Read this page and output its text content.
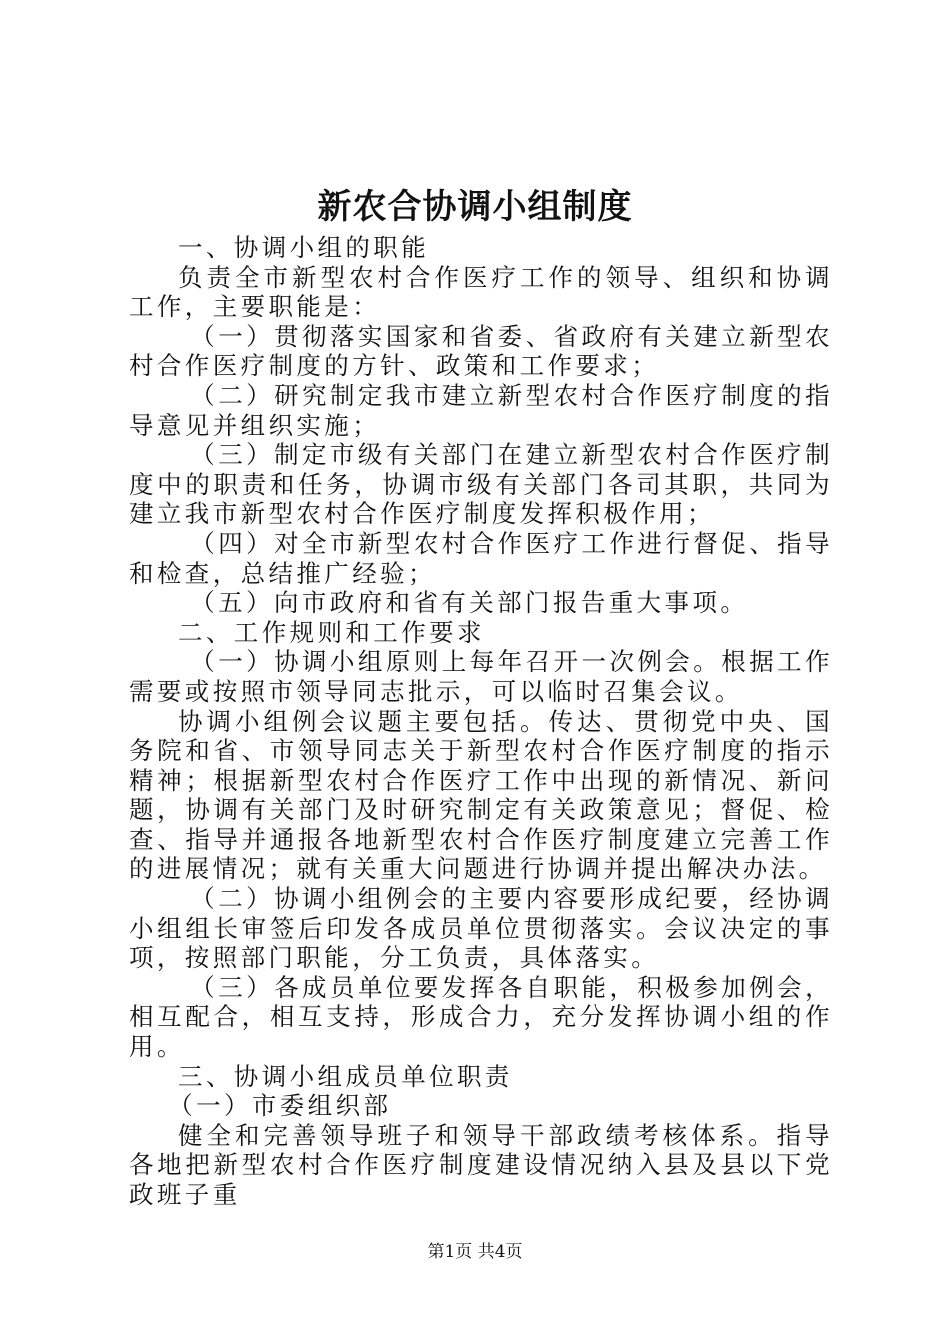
新农合协调小组制度

一、协调小组的职能

负责全市新型农村合作医疗工作的领导、组织和协调工作，主要职能是：

（一）贯彻落实国家和省委、省政府有关建立新型农村合作医疗制度的方针、政策和工作要求；

（二）研究制定我市建立新型农村合作医疗制度的指导意见并组织实施；

（三）制定市级有关部门在建立新型农村合作医疗制度中的职责和任务，协调市级有关部门各司其职，共同为建立我市新型农村合作医疗制度发挥积极作用；

（四）对全市新型农村合作医疗工作进行督促、指导和检查，总结推广经验；

（五）向市政府和省有关部门报告重大事项。

二、工作规则和工作要求

（一）协调小组原则上每年召开一次例会。根据工作需要或按照市领导同志批示，可以临时召集会议。

协调小组例会议题主要包括。传达、贯彻党中央、国务院和省、市领导同志关于新型农村合作医疗制度的指示精神；根据新型农村合作医疗工作中出现的新情况、新问题，协调有关部门及时研究制定有关政策意见；督促、检查、指导并通报各地新型农村合作医疗制度建立完善工作的进展情况；就有关重大问题进行协调并提出解决办法。

（二）协调小组例会的主要内容要形成纪要，经协调小组组长审签后印发各成员单位贯彻落实。会议决定的事项，按照部门职能，分工负责，具体落实。

（三）各成员单位要发挥各自职能，积极参加例会，相互配合，相互支持，形成合力，充分发挥协调小组的作用。

三、协调小组成员单位职责

（一）市委组织部

健全和完善领导班子和领导干部政绩考核体系。指导各地把新型农村合作医疗制度建设情况纳入县及县以下党政班子重

第1页 共4页
